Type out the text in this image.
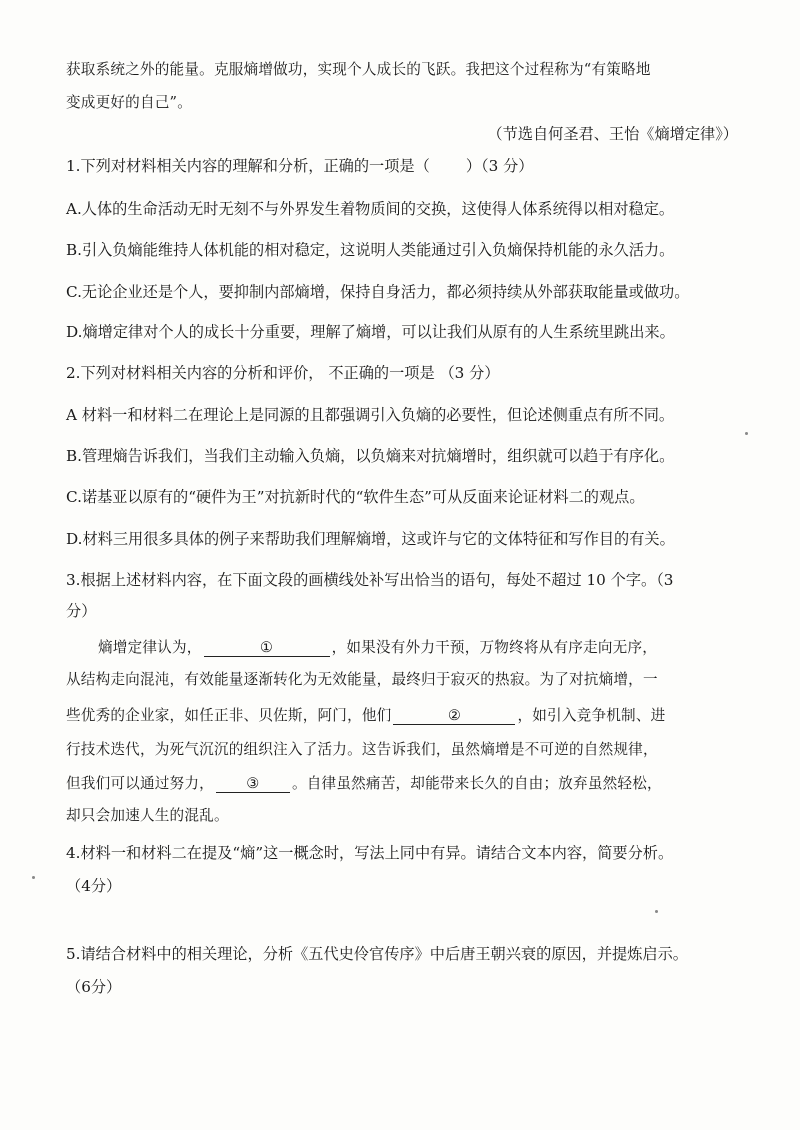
获取系统之外的能量。克服熵增做功，实现个人成长的飞跃。我把这个过程称为“有策略地
变成更好的自己”。
（节选自何圣君、王怡《熵增定律》）
1.下列对材料相关内容的理解和分析，正确的一项是（ ）（3 分）
A.人体的生命活动无时无刻不与外界发生着物质间的交换，这使得人体系统得以相对稳定。
B.引入负熵能维持人体机能的相对稳定，这说明人类能通过引入负熵保持机能的永久活力。
C.无论企业还是个人，要抑制内部熵增，保持自身活力，都必须持续从外部获取能量或做功。
D.熵增定律对个人的成长十分重要，理解了熵增，可以让我们从原有的人生系统里跳出来。
2.下列对材料相关内容的分析和评价， 不正确的一项是 （3 分）
A 材料一和材料二在理论上是同源的且都强调引入负熵的必要性，但论述侧重点有所不同。
B.管理熵告诉我们，当我们主动输入负熵，以负熵来对抗熵增时，组织就可以趋于有序化。
C.诺基亚以原有的“硬件为王”对抗新时代的“软件生态”可从反面来论证材料二的观点。
D.材料三用很多具体的例子来帮助我们理解熵增，这或许与它的文体特征和写作目的有关。
3.根据上述材料内容，在下面文段的画横线处补写出恰当的语句，每处不超过 10 个字。（3
分）
熵增定律认为，	①	，如果没有外力干预，万物终将从有序走向无序，
从结构走向混沌，有效能量逐渐转化为无效能量，最终归于寂灭的热寂。为了对抗熵增，一
些优秀的企业家，如任正非、贝佐斯，阿门，他们	②	，如引入竞争机制、进
行技术迭代，为死气沉沉的组织注入了活力。这告诉我们，虽然熵增是不可逆的自然规律，
但我们可以通过努力， ③ 。自律虽然痛苦，却能带来长久的自由；放弃虽然轻松，
却只会加速人生的混乱。
4.材料一和材料二在提及“熵”这一概念时，写法上同中有异。请结合文本内容，简要分析。
（4分）
5.请结合材料中的相关理论，分析《五代史伶官传序》中后唐王朝兴衰的原因，并提炼启示。
（6分）
